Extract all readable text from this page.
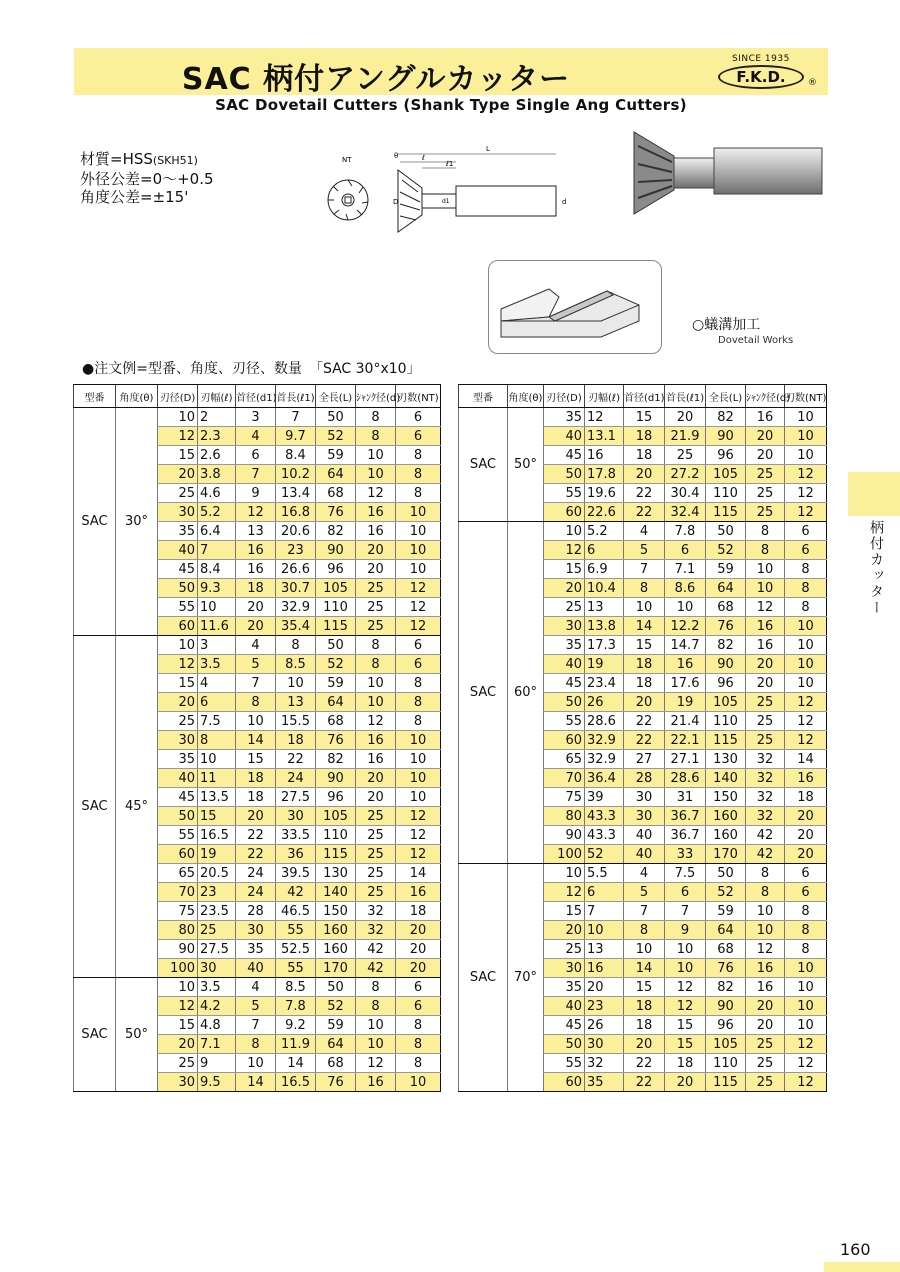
SAC 柄付アングルカッター
SINCE 1935
F.K.D.	®
SAC Dovetail Cutters (Shank Type Single Ang Cutters)
材質=HSS(SKH51)
外径公差=0～+0.5
角度公差=±15'
NT
L
ℓ
ℓ1
D	d1	d
θ
○蟻溝加工
Dovetail Works
●注文例=型番、角度、刃径、数量　「SAC 30°x10」
型番	角度(θ)	刃径(D)	刃幅(ℓ)	首径(d1)	首長(ℓ1)	全長(L)	ｼｬﾝｸ径(d)	刃数(NT)
SAC	30°	10	2	3	7	50	8	6
		12	2.3	4	9.7	52	8	6
		15	2.6	6	8.4	59	10	8
		20	3.8	7	10.2	64	10	8
		25	4.6	9	13.4	68	12	8
		30	5.2	12	16.8	76	16	10
		35	6.4	13	20.6	82	16	10
		40	7	16	23	90	20	10
		45	8.4	16	26.6	96	20	10
		50	9.3	18	30.7	105	25	12
		55	10	20	32.9	110	25	12
		60	11.6	20	35.4	115	25	12
SAC	45°	10	3	4	8	50	8	6
		12	3.5	5	8.5	52	8	6
		15	4	7	10	59	10	8
		20	6	8	13	64	10	8
		25	7.5	10	15.5	68	12	8
		30	8	14	18	76	16	10
		35	10	15	22	82	16	10
		40	11	18	24	90	20	10
		45	13.5	18	27.5	96	20	10
		50	15	20	30	105	25	12
		55	16.5	22	33.5	110	25	12
		60	19	22	36	115	25	12
		65	20.5	24	39.5	130	25	14
		70	23	24	42	140	25	16
		75	23.5	28	46.5	150	32	18
		80	25	30	55	160	32	20
		90	27.5	35	52.5	160	42	20
		100	30	40	55	170	42	20
SAC	50°	10	3.5	4	8.5	50	8	6
		12	4.2	5	7.8	52	8	6
		15	4.8	7	9.2	59	10	8
		20	7.1	8	11.9	64	10	8
		25	9	10	14	68	12	8
		30	9.5	14	16.5	76	16	10
型番	角度(θ)	刃径(D)	刃幅(ℓ)	首径(d1)	首長(ℓ1)	全長(L)	ｼｬﾝｸ径(d)	刃数(NT)
SAC	50°	35	12	15	20	82	16	10
		40	13.1	18	21.9	90	20	10
		45	16	18	25	96	20	10
		50	17.8	20	27.2	105	25	12
		55	19.6	22	30.4	110	25	12
		60	22.6	22	32.4	115	25	12
SAC	60°	10	5.2	4	7.8	50	8	6
		12	6	5	6	52	8	6
		15	6.9	7	7.1	59	10	8
		20	10.4	8	8.6	64	10	8
		25	13	10	10	68	12	8
		30	13.8	14	12.2	76	16	10
		35	17.3	15	14.7	82	16	10
		40	19	18	16	90	20	10
		45	23.4	18	17.6	96	20	10
		50	26	20	19	105	25	12
		55	28.6	22	21.4	110	25	12
		60	32.9	22	22.1	115	25	12
		65	32.9	27	27.1	130	32	14
		70	36.4	28	28.6	140	32	16
		75	39	30	31	150	32	18
		80	43.3	30	36.7	160	32	20
		90	43.3	40	36.7	160	42	20
		100	52	40	33	170	42	20
SAC	70°	10	5.5	4	7.5	50	8	6
		12	6	5	6	52	8	6
		15	7	7	7	59	10	8
		20	10	8	9	64	10	8
		25	13	10	10	68	12	8
		30	16	14	10	76	16	10
		35	20	15	12	82	16	10
		40	23	18	12	90	20	10
		45	26	18	15	96	20	10
		50	30	20	15	105	25	12
		55	32	22	18	110	25	12
		60	35	22	20	115	25	12
柄付カッター
160
